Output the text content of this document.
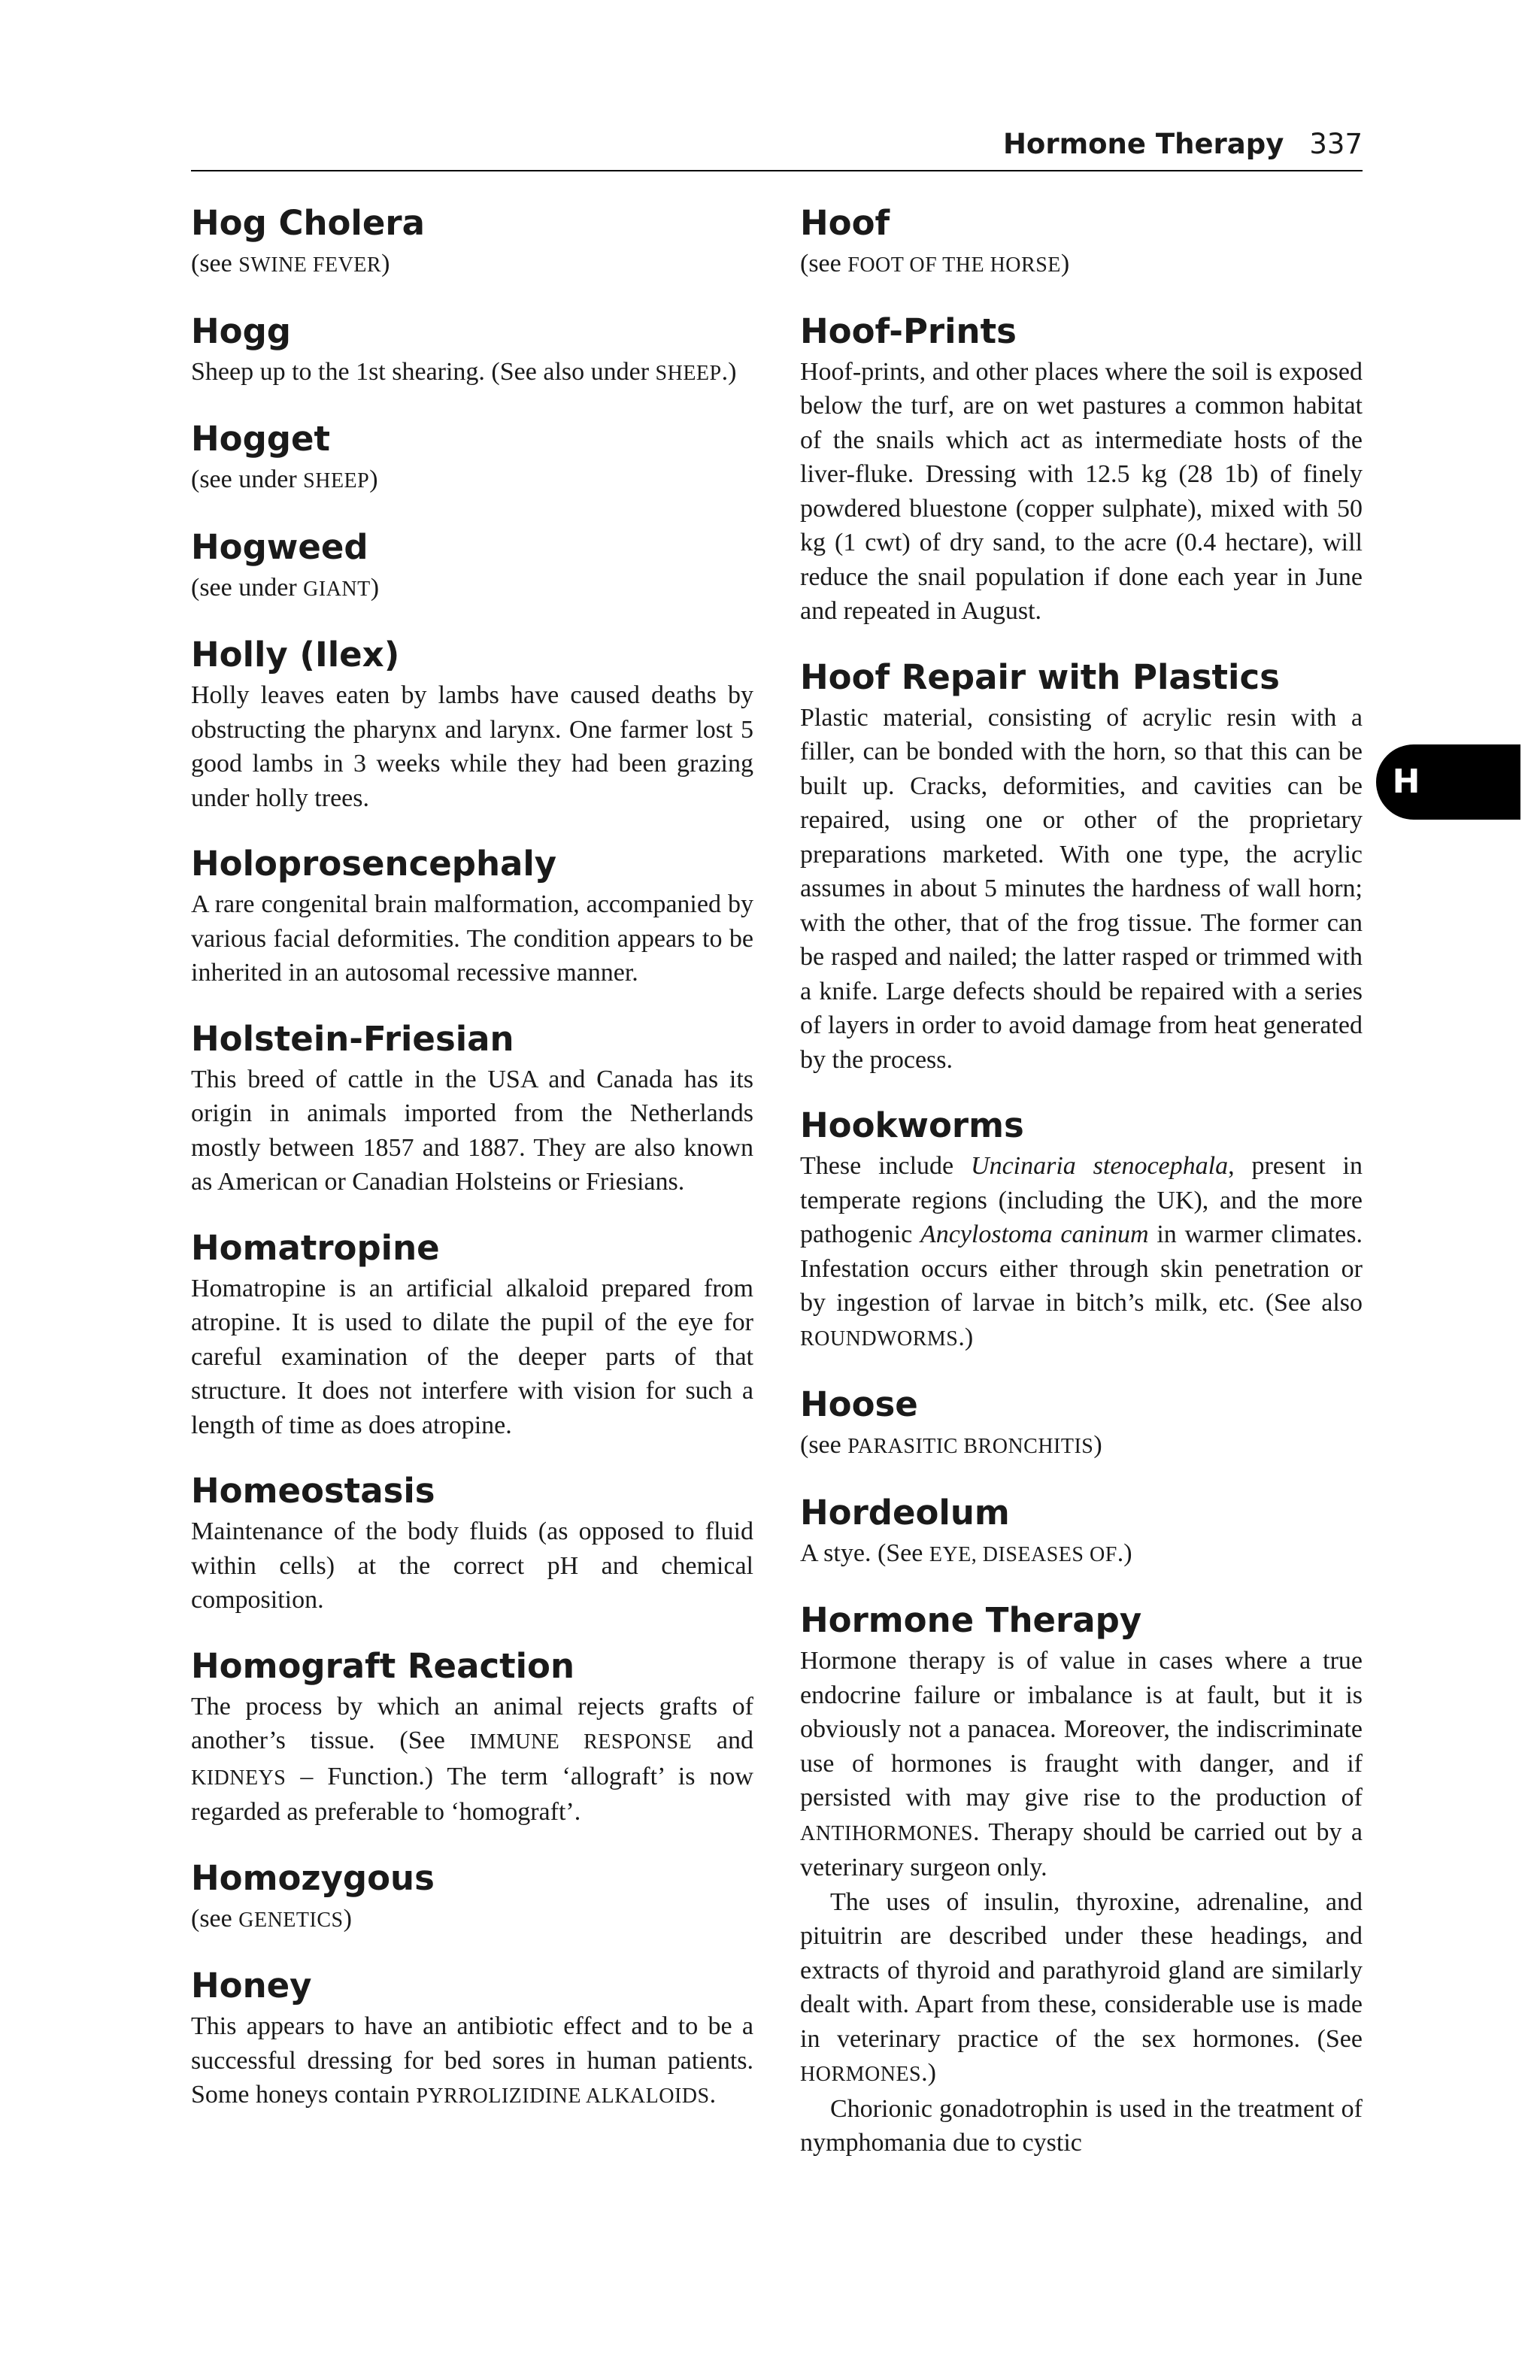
Hormone Therapy 337
H
Hog Cholera
(see SWINE FEVER)
Hogg
Sheep up to the 1st shearing. (See also under SHEEP.)
Hogget
(see under SHEEP)
Hogweed
(see under GIANT)
Holly (Ilex)
Holly leaves eaten by lambs have caused deaths by obstructing the pharynx and larynx. One farmer lost 5 good lambs in 3 weeks while they had been grazing under holly trees.
Holoprosencephaly
A rare congenital brain malformation, accompanied by various facial deformities. The condition appears to be inherited in an autosomal recessive manner.
Holstein-Friesian
This breed of cattle in the USA and Canada has its origin in animals imported from the Netherlands mostly between 1857 and 1887. They are also known as American or Canadian Holsteins or Friesians.
Homatropine
Homatropine is an artificial alkaloid prepared from atropine. It is used to dilate the pupil of the eye for careful examination of the deeper parts of that structure. It does not interfere with vision for such a length of time as does atropine.
Homeostasis
Maintenance of the body fluids (as opposed to fluid within cells) at the correct pH and chemical composition.
Homograft Reaction
The process by which an animal rejects grafts of another’s tissue. (See IMMUNE RESPONSE and KIDNEYS – Function.) The term ‘allograft’ is now regarded as preferable to ‘homograft’.
Homozygous
(see GENETICS)
Honey
This appears to have an antibiotic effect and to be a successful dressing for bed sores in human patients. Some honeys contain PYRROLIZIDINE ALKALOIDS.
Hoof
(see FOOT OF THE HORSE)
Hoof-Prints
Hoof-prints, and other places where the soil is exposed below the turf, are on wet pastures a common habitat of the snails which act as intermediate hosts of the liver-fluke. Dressing with 12.5 kg (28 1b) of finely powdered bluestone (copper sulphate), mixed with 50 kg (1 cwt) of dry sand, to the acre (0.4 hectare), will reduce the snail population if done each year in June and repeated in August.
Hoof Repair with Plastics
Plastic material, consisting of acrylic resin with a filler, can be bonded with the horn, so that this can be built up. Cracks, deformities, and cavities can be repaired, using one or other of the proprietary preparations marketed. With one type, the acrylic assumes in about 5 minutes the hardness of wall horn; with the other, that of the frog tissue. The former can be rasped and nailed; the latter rasped or trimmed with a knife. Large defects should be repaired with a series of layers in order to avoid damage from heat generated by the process.
Hookworms
These include Uncinaria stenocephala, present in temperate regions (including the UK), and the more pathogenic Ancylostoma caninum in warmer climates. Infestation occurs either through skin penetration or by ingestion of larvae in bitch’s milk, etc. (See also ROUNDWORMS.)
Hoose
(see PARASITIC BRONCHITIS)
Hordeolum
A stye. (See EYE, DISEASES OF.)
Hormone Therapy

Hormone therapy is of value in cases where a true endocrine failure or imbalance is at fault, but it is obviously not a panacea. Moreover, the indiscriminate use of hormones is fraught with danger, and if persisted with may give rise to the production of ANTIHORMONES. Therapy should be carried out by a veterinary surgeon only.

The uses of insulin, thyroxine, adrenaline, and pituitrin are described under these headings, and extracts of thyroid and parathyroid gland are similarly dealt with. Apart from these, considerable use is made in veterinary practice of the sex hormones. (See HORMONES.)

Chorionic gonadotrophin is used in the treatment of nymphomania due to cystic
